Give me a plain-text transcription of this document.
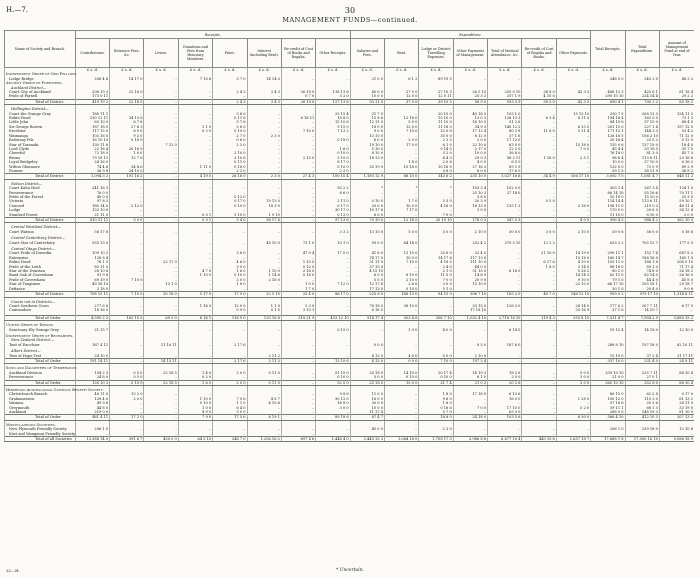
H.—7.	30
MANAGEMENT FUNDS—continued.
Name of Society and Branch.	Receipts.								Expenditure.							Total Receipts.	Total Expenditure.	Amount of Management Fund at end of Year.
	Contributions.	Entrance Fees, &c.	Levies.	Donations and Fees from Honorary Members.	Fines.	Interest (including Rent).	Re-credit of Cost of Books and Regalia.	Other Receipts.	Salaries and Fees.	Rent.	Lodge or District Travelling Expenses.	Other Payments of Management.	Total of Medical Attendance, &c.	Re-credit of Cost of Regalia and Books.	Other Payments.			
	£ s. d.	£ s. d.	£ s. d.	£ s. d.	£ s. d.	£ s. d.	£ s. d.	£ s. d.	£ s. d.	£ s. d.	£ s. d.	£ s. d.	£ s. d.	£ s. d.	£ s. d.	£ s. d.	£ s. d.	£ s. d.
Independent Order of Odd Fellows.																		
Lodge Bridge	208 4 6	14 17 0	..	7 10 6	3 7 0	14 14 0	..	..	21 0 0	6 1 2	89 19 5	..	..	..	..	248 5 0	243 2 0	46 3 2
Ancient Order of Foresters.																		
Auckland District—																		
Court City of Auckland	208 19 3	22 18 0	..	..	2 4 3	3 4 3	26 19 0	118 11 6	40 0 0	27 0 0	27 10 3	26 5 10	255 0 10	34 8 0	42 3 3	468 12 3	425 6 1	81 18 4
Pride of Parnell	173 0 11	..	..	..	..	..	0 7 0	5 2 0	10 0 0	12 0 0	12 0 11	25 3 2	257 1 9	4 10 0	..	290 10 10	224 14 4	29 2 2
Total of District	419 19 2	22 18 0	..	..	2 4 3	3 4 3	26 19 0	127 13 6	50 11 0	37 0 0	39 10 5	56 9 0	593 3 9	39 5 0	42 3 3	690 4 1	700 2 2	85 18 2

Wellington District—																		
Court the Grange Gray	188 11 1	..	..	..	3 6 0	..	..	25 15 4	21 7 0	..	20 15 0	40 18 5	105 1 0	..	15 13 10	250 7 5	208 13 3	124 11 5
Robin Hood	130 12 11	34 13 6	..	..	0 11 6	..	6 18 11	18 8 0	15 8 6	12 18 0	15 10 0	13 0 3	126 13 3	6 3 4	8 11 0	194 16 4	163 0 5	73 1 3
Little John	65 10 0	6 7 6	..	..	5 7 6	..	..	15 10 6	12 11 0	5 0 0	11 10 0	16 10 5	51 2 6	..	..	84 10 6	97 15 0	68 4 0
Sir George Bowen	187 18 0	27 8 3	..	1 1 0	3 6 0	..	..	9 15 0	18 0 0	12 0 0	11 18 0	34 9 3	140 12 2	..	6 13 5	201 15 0	227 1 4	157 12 5
Excelsior	117 15 0	6 0 0	..	0 2 0	0 10 0	..	7 10 0	7 13 2	9 0 0	7 10 0	12 0 6	17 12 4	80 2 8	11 6 0	5 11 4	171 15 1	144 3 3	53 4 2
Waimanga	103 16 5	9 2 0	..	..	2 7 0	2 3 0	..	..	13 15 0	..	35 0 0	8 12 0	37 1 6	..	..	126 16 5	106 2 10	71 12 0
Rothesay Pds	16 10 10	0 18 0	..	..	0 6 0	..	..	0 18 0	6 0 0	2 0 0	2 3 2	2 0 0	17 12 0	..	..	20 16 4	23 5 2	0 12 0
Star of Taranaki	130 11 6	..	7 12 0	..	2 3 0	..	..	..	19 10 0	17 0 0	6 1 0	22 10 0	63 0 0	..	15 18 0	155 0 6	137 19 0	18 4 0
Lord Clyde	22 18 4	20 16 0	..	..	..	..	..	1 6 0	5 10 0	..	5 14 5	2 17 0	12 2 0	..	7 0 0	45 4 4	33 18 5	35 7 5
Cheerful	72 18 0	1 0 0	..	..	2 10 0	..	..	0 10 0	8 10 0	..	3 2 0	10 0 0	56 8 0	..	..	76 18 0	81 3 0	45 7 3
Bruno	79 18 11	12 7 6	..	..	3 10 6	..	2 15 0	3 10 0	18 13 0	..	4 4 3	29 9 3	58 2 11	1 16 0	2 5 1	96 6 4	113 6 11	23 16 8
Loyal Bridgeley	24 16 0	..	..	..	0 11 0	..	..	8 17 0	..	1 4 0	2 0 6	4 0 0	6 5 0	..	..	10 0 0	37 10 0	6 16 2
Wilton Glenmore	74 4 6	34 4 6	..	1 11 0	0 18 0	..	..	0 10 0	25 19 9	10 18 0	10 16 0	27 16 3	89 2 9	..	..	132 0 0	72 0 9	89 2 9
Pioneer	36 9 8	24 10 0	..	..	2 3 0	..	..	2 2 0	..	..	0 8 0	8 0 0	17 6 0	..	..	59 1 5	38 11 9	36 8 2
Total of District	1,094 3 2	191 16 2	..	4 19 0	26 16 0	2 3 0	27 4 3	100 10 4	1,185 12 9	68 10 0	143 6 2	235 10 0	1,027 16 6	34 4 9	106 17 10	3,092 7 0	1,081 4 7	848 11 2

Nelson District—																		
Court Kahu Hoel	241 16 3	..	..	..	..	..	..	50 2 2	*	*	*	103 3 4	102 0 0	..	..	303 2 4	267 3 4	124 1 0
Perseverance	76 0 0	..	..	..	..	..	..	8 6 0	..	..	..	25 10 3	27 18 0	..	..	86 14 10	55 16 6	70 11 1
Pride of the Forest	40 0 0	..	..	..	0 12 0	..	..	..	..	..	..	3 8 0	..	..	..	10 10 0	15 10 0	25 3 0
Victoria	97 8 5	..	..	..	0 17 0	19 13 0	..	2 11 0	0 10 0	1 7 0	5 3 0	20 3 9	..	0 5 0	..	114 14 4	113 6 11	59 10 1
Concord	180 14 0	2 12 0	..	..	0 10 0	18 3 0	..	0 17 0	20 0 0	10 0 0	4 16 0	18 13 0	135 1 3	..	2 16 0	198 11 0	219 0 3	46 11 4
Lodge	153 10 0	..	..	..	..	..	..	30 17 0	10 17 6	7 17 0	..	3 0 0	..	..	..	170 5 0	20 6 0	34 12 8
Stanford Forest	21 11 0	..	..	0 0 1	3 10 0	1 9 10	..	0 13 0	8 0 0	..	7 0 0	..	..	..	..	11 10 0	8 10 0	2 0 0
Total of District	810 11 11	3 0 0	..	0 0 1	5 4 0	36 17 6	..	97 13 6	70 10 0	12 14 0	20 19 10	178 0 3	547 0 3	..	4 0 0	956 4 5	986 4 2	362 10 0

Central Westland District—																		
Court Watson	56 17 6	..	..	..	..	..	..	3 3 2	13 10 0	5 0 0	5 0 0	2 10 0	30 0 0	3 0 0	2 10 0	59 0 8	58 0 0	0 18 6

Central Canterbury District—																		
Court Star of Canterbury	555 13 0	..	..	..	..	45 10 0	73 1 0	10 1 0	59 0 0	64 14 0	..	252 4 2	379 5 10	12 2 2	..	633 2 2	705 12 7	177 5 9

Central Otago District—																		
Court Pride of Dunedin	109 10 2	..	..	..	3 6 0	..	47 0 4	17 0 0	41 8 0	13 10 0	33 8 0	32 4 0	..	21 10 0	14 19 0	299 11 1	152 7 4	687 8 2
Enterprise	128 8 4	..	..	..	..	..	..	..	74 17 0	10 0 0	14 17 6	117 13 6	..	..	15 18 0	160 14 7	188 16 9	165 1 9
Robin Hood	78 1 3	..	22 17 0	..	4 6 0	..	1 10 0	..	31 11 0	7 10 0	4 18 0	111 10 0	..	6 17 6	4 10 0	105 11 0	168 1 8	208 5 10
Pride of the Leith	85 11 0	..	..	..	3 0 0	..	0 12 0	..	37 15 0	..	2 4 0	44 0 0	..	1 8 0	3 14 0	88 18 0	89 1 0	71 17 4
Star of the Dunstan	28 10 6	..	..	4 7 0	1 6 0	1 10 0	2 16 0	..	4 15 10	..	2 1 0	31 15 0	6 16 0	..	5 26 2	80 1 0	74 8 0	26 18 2
Band Oak of Caversham	91 9 6	..	..	1 10 0	0 10 0	1 14 6	0 16 0	..	6 0 0	6 10 0	11 0 0	14 6 0	..	..	14 14 3	82 11 0	82 14 0	26 16 0
Pride of Caversham	69 19 0	7 10 0	..	..	2 0 0	2 16 0	..	..	5 5 0	2 10 0	7 0 0	20 9 0	..	..	9 10 0	79 1 0	44 4 0	45 8 0
Star of Tangimoe	49 16 10	..	13 1 0	..	1 8 0	..	1 0 0	7 12 0	12 17 6	2 6 6	3 0 0	15 10 0	..	..	22 10 0	66 17 10	105 18 1	29 18 7
Defiance	3 18 0	..	..	..	..	..	1 7 0	..	17 12 0	0 10 0	5 1 0	..	..	..	..	30 1 0	20 4 0	9 0 6
Total of District	708 15 11	7 10 0	35 18 0	5 17 0	17 9 0	22 5 10	25 4 0	86 17 0	225 6 0	146 13 0	94 15 0	396 7 10	185 2 0	48 7 0	146 12 10	959 0 2	979 17 10	1,314 8 11

Courts not in Districts—																		
Court Southern Cross	277 6 6	..	..	1 16 0	12 0 0	1 1 9	5 3 0	..	78 18 0	38 10 0	..	33 15 0	126 3 0	..	28 14 0	177 6 2	207 7 11	6 17 5
Commodore	18 16 0	..	..	..	0 9 0	0 1 0	3 10 1	..	6 16 0	..	..	17 18 10	..	..	33 16 9	37 1 6	14 10 7	...

Total of Order	4,590 2 2	162 15 3	69 5 0	6 16 1	116 9 0	133 18 8	318 21 9	433 12 10	914 17 4	303 4 6	208 7 10	1,032 4 10	2,718 16 10	119 4 3	353 8 10	7,531 4 7	7,954 2 9	3,680 15 2

United Order of Druids.																		
Sanctuary Ely Grange Grey	21 15 7	..	..	..	..	..	..	0 15 0	..	1 0 0	4 0 0	..	6 18 0	..	..	19 15 4	14 18 0	12 10 0

Independent Order of Rechabites.																		
New Zealand District—																		
Tent of Excelsior	167 4 11	..	11 16 11	..	2 17 6	..	..	..	0 0 0	..	..	8 5 0	187 6 0	..	..	288 8 10	197 18 0	82 10 11

Albert District—																		
Tent of Hope Test	24 10 0	..	..	..	..	2 11 2	..	..	4 13 0	4 0 0	0 0 0	2 10 0	..	..	..	15 19 0	37 2 4	31 17 11
Total of Order	191 14 11	..	14 13 11	..	2 17 6	2 11 2	..	13 10 6	4 13 0	0 0 0	7 10 0	197 3 4	..	..	..	337 10 0	231 4 0	24 9 11

Sons and Daughters of Temperance.																		
Auckland Division	104 2 3	0 5 0	22 18 5	1 4 0	2 0 0	0 11 0	..	51 10 0	20 18 0	14 10 0	20 17 4	14 19 3	18 2 6	..	0 0 0	339 10 10	225 7 11	88 10 4
Perseverance	24 8 0	0 5 0	..	0 2 0	..	..	..	0 10 0	5 0 0	0 10 0	0 10 0	6 1 0	2 0 0	..	3 0 0	21 0 0	27 0 1	...
Total of Order	128 10 3	0 10 0	22 18 5	1 6 0	2 0 0	0 11 0	..	52 0 0	25 18 0	15 0 0	21 7 4	21 0 3	20 2 6	..	3 0 0	360 10 10	252 8 0	88 10 4

Hibernian Australasian Catholic Benefit Society.																		
Christchurch Branch	46 11 0	15 2 0	..	..	..	..	..	9 8 6	11 0 0	..	1 8 0	17 18 0	6 12 6	..	..	80 15 0	62 2 8	0 17 0
Grahamstown	128 4 0	2 0 0	..	1 10 0	7 0 6	4 8 7	..	30 12 0	16 0 0	..	9 6 0	..	16 0 0	..	1 28 0	100 12 0	110 2 0	61 13 2
Waimea	49 9 6	..	..	0 10 0	1 1 0	4 10 6	..	16 8 0	30 0 0	..	1 8 0	..	..	..	..	57 16 6	25 3 6	26 11 0
Greymouth	44 8 0	..	..	1 0 0	6 4 0	..	..	3 0 0	10 0 0	..	0 16 6	7 0 0	17 10 0	..	5 2 0	59 11 1	66 1 3	33 19 0
Auckland	219 0 0	..	..	4 9 0	3 0 0	..	..	..	11 17 4	..	5 7 0	..	63 3 0	..	..	268 0 0	148 19 3	81 10 0
Total of Order	481 4 11	17 2 0	..	7 9 0	17 5 6	8 19 1	..	89 18 6	87 4 7	..	18 8 0	24 18 0	103 5 6	..	6 30 0	566 4 10	412 10 3	207 13 2

Miscellaneous Societies.																		
New Plymouth Friendly Society	296 1 0	..	..	..	..	..	..	..	45 0 0	..	2 3 0	..	..	..	..	296 1 0	239 18 0	12 10 6
Kiwi and Wanganui Friendly Society	..	..	..	..	..	..	..	..	..	..	..	..	..	..	..	..	..	..
Total of all Societies	13,388 14 0	391 6 7	450 0 3	64 5 10	246 7 0	1,256 16 2	697 4 6	1,446 4 0	2,445 13 3	1,084 18 0	1,708 17 3	2,986 8 6	6,877 10 4	445 10 6	1,657 18 7	17,668 1 8	17,000 16 10	5,086 18 9
32—H.	* Uncertain.
